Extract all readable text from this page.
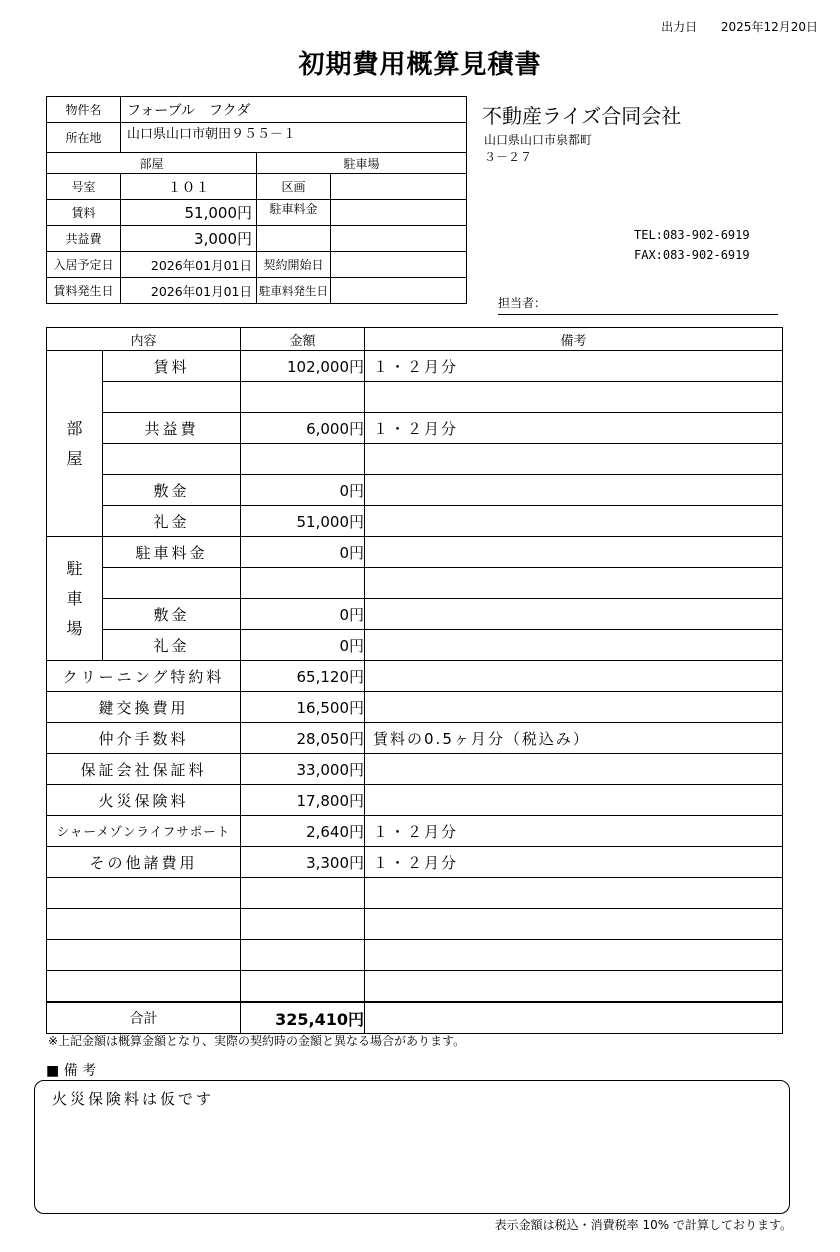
出力日 2025年12月20日
初期費用概算見積書
物件名	フォーブル　フクダ		
所在地	山口県山口市朝田９５５－１		
部屋		駐車場	
号室	１０１	区画	
賃料	51,000円	駐車料金	
共益費	3,000円		
入居予定日	2026年01月01日	契約開始日	
賃料発生日	2026年01月01日	駐車料発生日	
不動産ライズ合同会社
山口県山口市泉都町
３－２７
TEL:083-902-6919
FAX:083-902-6919
担当者：
内容		金額	備考

部屋	賃料	102,000円	１・２月分

	共益費	6,000円	１・２月分

	敷金	0円	
	礼金	51,000円	

駐車場	駐車料金	0円	

	敷金	0円	
	礼金	0円	
クリーニング特約料		65,120円	
鍵交換費用		16,500円	
仲介手数料		28,050円	賃料の0.5ヶ月分（税込み）
保証会社保証料		33,000円	
火災保険料		17,800円	
シャーメゾンライフサポート		2,640円	１・２月分
その他諸費用		3,300円	１・２月分

合計		325,410円	
※上記金額は概算金額となり、実際の契約時の金額と異なる場合があります。
■ 備 考
火災保険料は仮です
表示金額は税込・消費税率 10% で計算しております。
